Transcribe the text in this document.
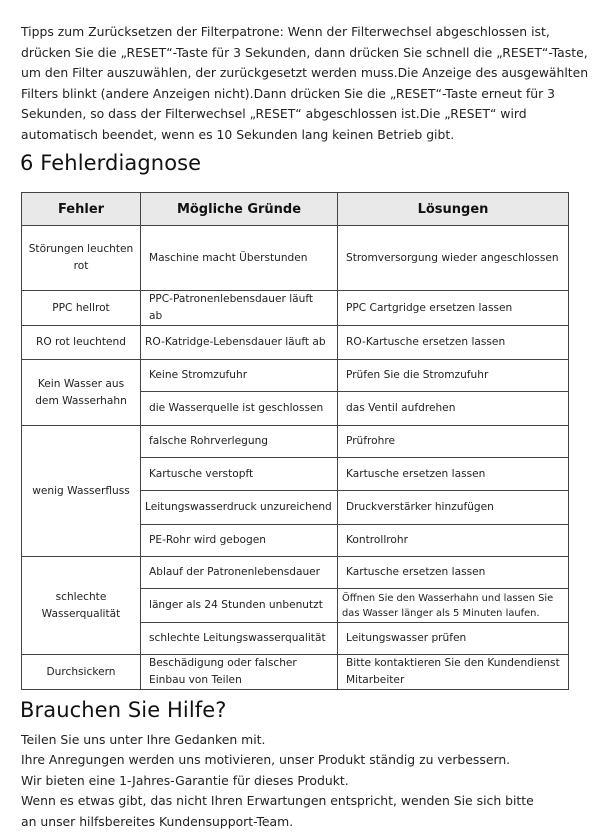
Tipps zum Zurücksetzen der Filterpatrone: Wenn der Filterwechsel abgeschlossen ist, drücken Sie die „RESET“-Taste für 3 Sekunden, dann drücken Sie schnell die „RESET“-Taste, um den Filter auszuwählen, der zurückgesetzt werden muss.Die Anzeige des ausgewählten Filters blinkt (andere Anzeigen nicht).Dann drücken Sie die „RESET“-Taste erneut für 3 Sekunden, so dass der Filterwechsel „RESET“ abgeschlossen ist.Die „RESET“ wird automatisch beendet, wenn es 10 Sekunden lang keinen Betrieb gibt.

6 Fehlerdiagnose
Fehler	Mögliche Gründe	Lösungen
Störungen leuchten rot	Maschine macht Überstunden	Stromversorgung wieder angeschlossen
PPC hellrot	PPC-Patronenlebensdauer läuft ab	PPC Cartgridge ersetzen lassen
RO rot leuchtend	RO-Katridge-Lebensdauer läuft ab	RO-Kartusche ersetzen lassen
Kein Wasser aus dem Wasserhahn	Keine Stromzufuhr	Prüfen Sie die Stromzufuhr
	die Wasserquelle ist geschlossen	das Ventil aufdrehen
wenig Wasserfluss	falsche Rohrverlegung	Prüfrohre
	Kartusche verstopft	Kartusche ersetzen lassen
	Leitungswasserdruck unzureichend	Druckverstärker hinzufügen
	PE-Rohr wird gebogen	Kontrollrohr
schlechte Wasserqualität	Ablauf der Patronenlebensdauer	Kartusche ersetzen lassen
	länger als 24 Stunden unbenutzt	Öffnen Sie den Wasserhahn und lassen Sie das Wasser länger als 5 Minuten laufen.
	schlechte Leitungswasserqualität	Leitungswasser prüfen
Durchsickern	Beschädigung oder falscher Einbau von Teilen	Bitte kontaktieren Sie den Kundendienst Mitarbeiter
Brauchen Sie Hilfe?
Teilen Sie uns unter Ihre Gedanken mit.
Ihre Anregungen werden uns motivieren, unser Produkt ständig zu verbessern.
Wir bieten eine 1-Jahres-Garantie für dieses Produkt.
Wenn es etwas gibt, das nicht Ihren Erwartungen entspricht, wenden Sie sich bitte
an unser hilfsbereites Kundensupport-Team.
